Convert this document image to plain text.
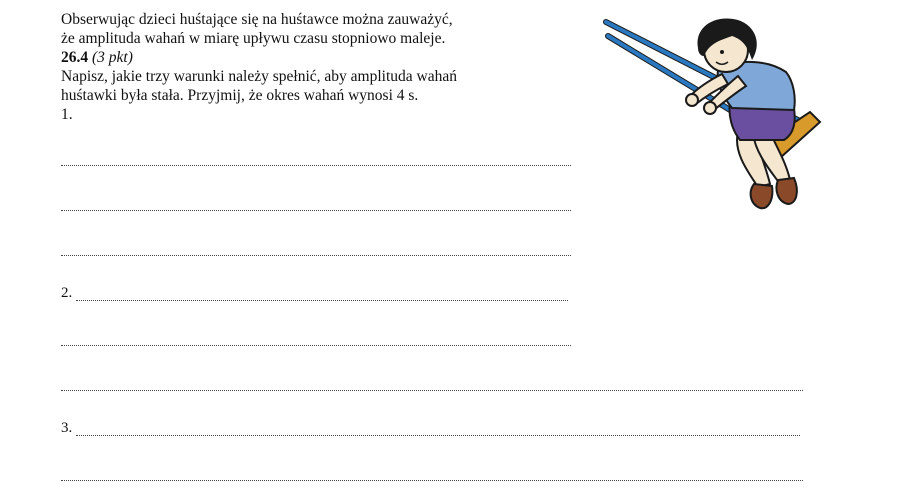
Obserwując dzieci huśtające się na huśtawce można zauważyć,

że amplituda wahań w miarę upływu czasu stopniowo maleje.

26.4 (3 pkt)

Napisz, jakie trzy warunki należy spełnić, aby amplituda wahań

huśtawki była stała. Przyjmij, że okres wahań wynosi 4 s.

1.

2.
3.
